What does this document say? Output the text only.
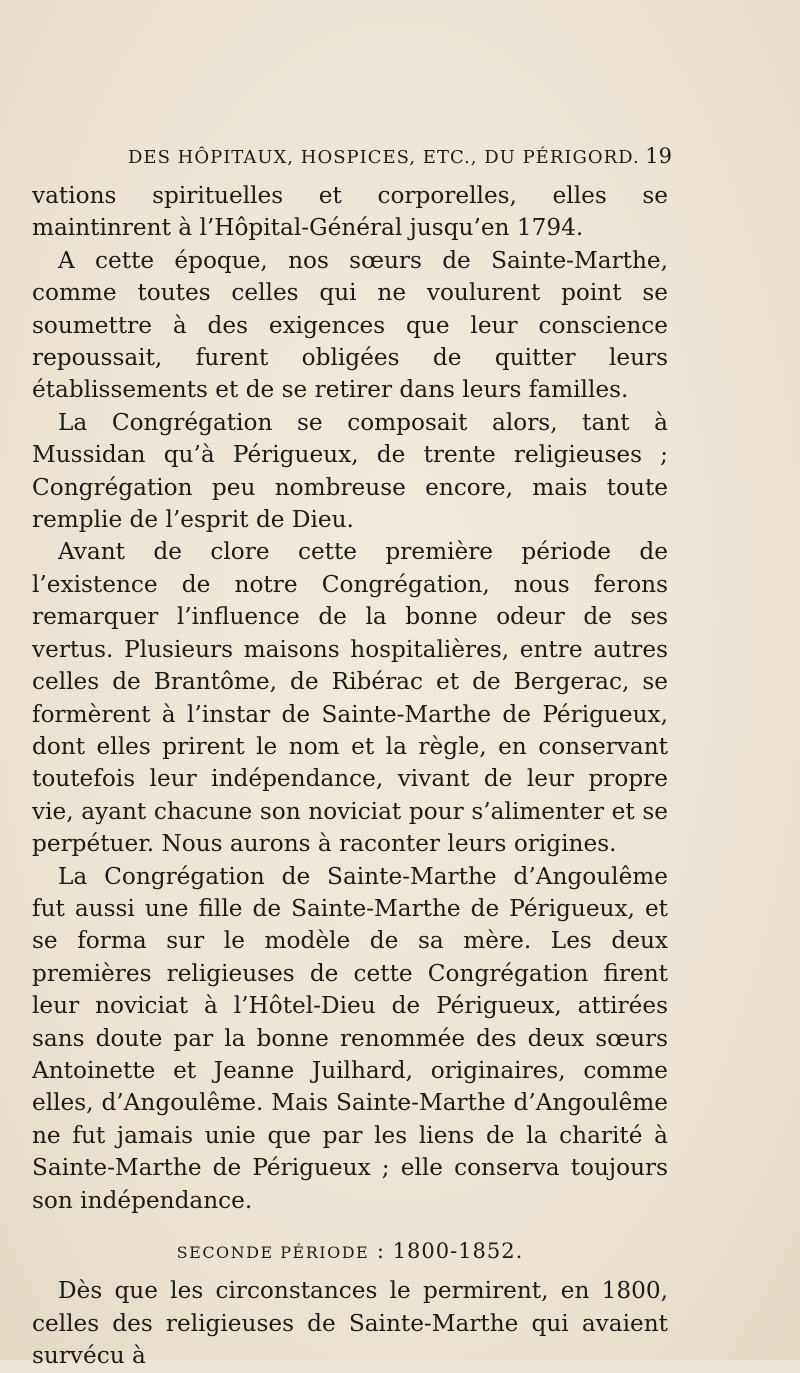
DES HÔPITAUX, HOSPICES, ETC., DU PÉRIGORD. 19

vations spirituelles et corporelles, elles se maintinrent à l’Hôpital-Général jusqu’en 1794.

A cette époque, nos sœurs de Sainte-Marthe, comme toutes celles qui ne voulurent point se soumettre à des exigences que leur conscience repoussait, furent obligées de quitter leurs établissements et de se retirer dans leurs familles.

La Congrégation se composait alors, tant à Mussidan qu’à Périgueux, de trente religieuses ; Congrégation peu nombreuse encore, mais toute remplie de l’esprit de Dieu.

Avant de clore cette première période de l’existence de notre Congrégation, nous ferons remarquer l’influence de la bonne odeur de ses vertus. Plusieurs maisons hospitalières, entre autres celles de Brantôme, de Ribérac et de Bergerac, se formèrent à l’instar de Sainte-Marthe de Périgueux, dont elles prirent le nom et la règle, en conservant toutefois leur indépendance, vivant de leur propre vie, ayant chacune son noviciat pour s’alimenter et se perpétuer. Nous aurons à raconter leurs origines.

La Congrégation de Sainte-Marthe d’Angoulême fut aussi une fille de Sainte-Marthe de Périgueux, et se forma sur le modèle de sa mère. Les deux premières religieuses de cette Congrégation firent leur noviciat à l’Hôtel-Dieu de Périgueux, attirées sans doute par la bonne renommée des deux sœurs Antoinette et Jeanne Juilhard, originaires, comme elles, d’Angoulême. Mais Sainte-Marthe d’Angoulême ne fut jamais unie que par les liens de la charité à Sainte-Marthe de Périgueux ; elle conserva toujours son indépendance.

SECONDE PÉRIODE : 1800-1852.

Dès que les circonstances le permirent, en 1800, celles des religieuses de Sainte-Marthe qui avaient survécu à
